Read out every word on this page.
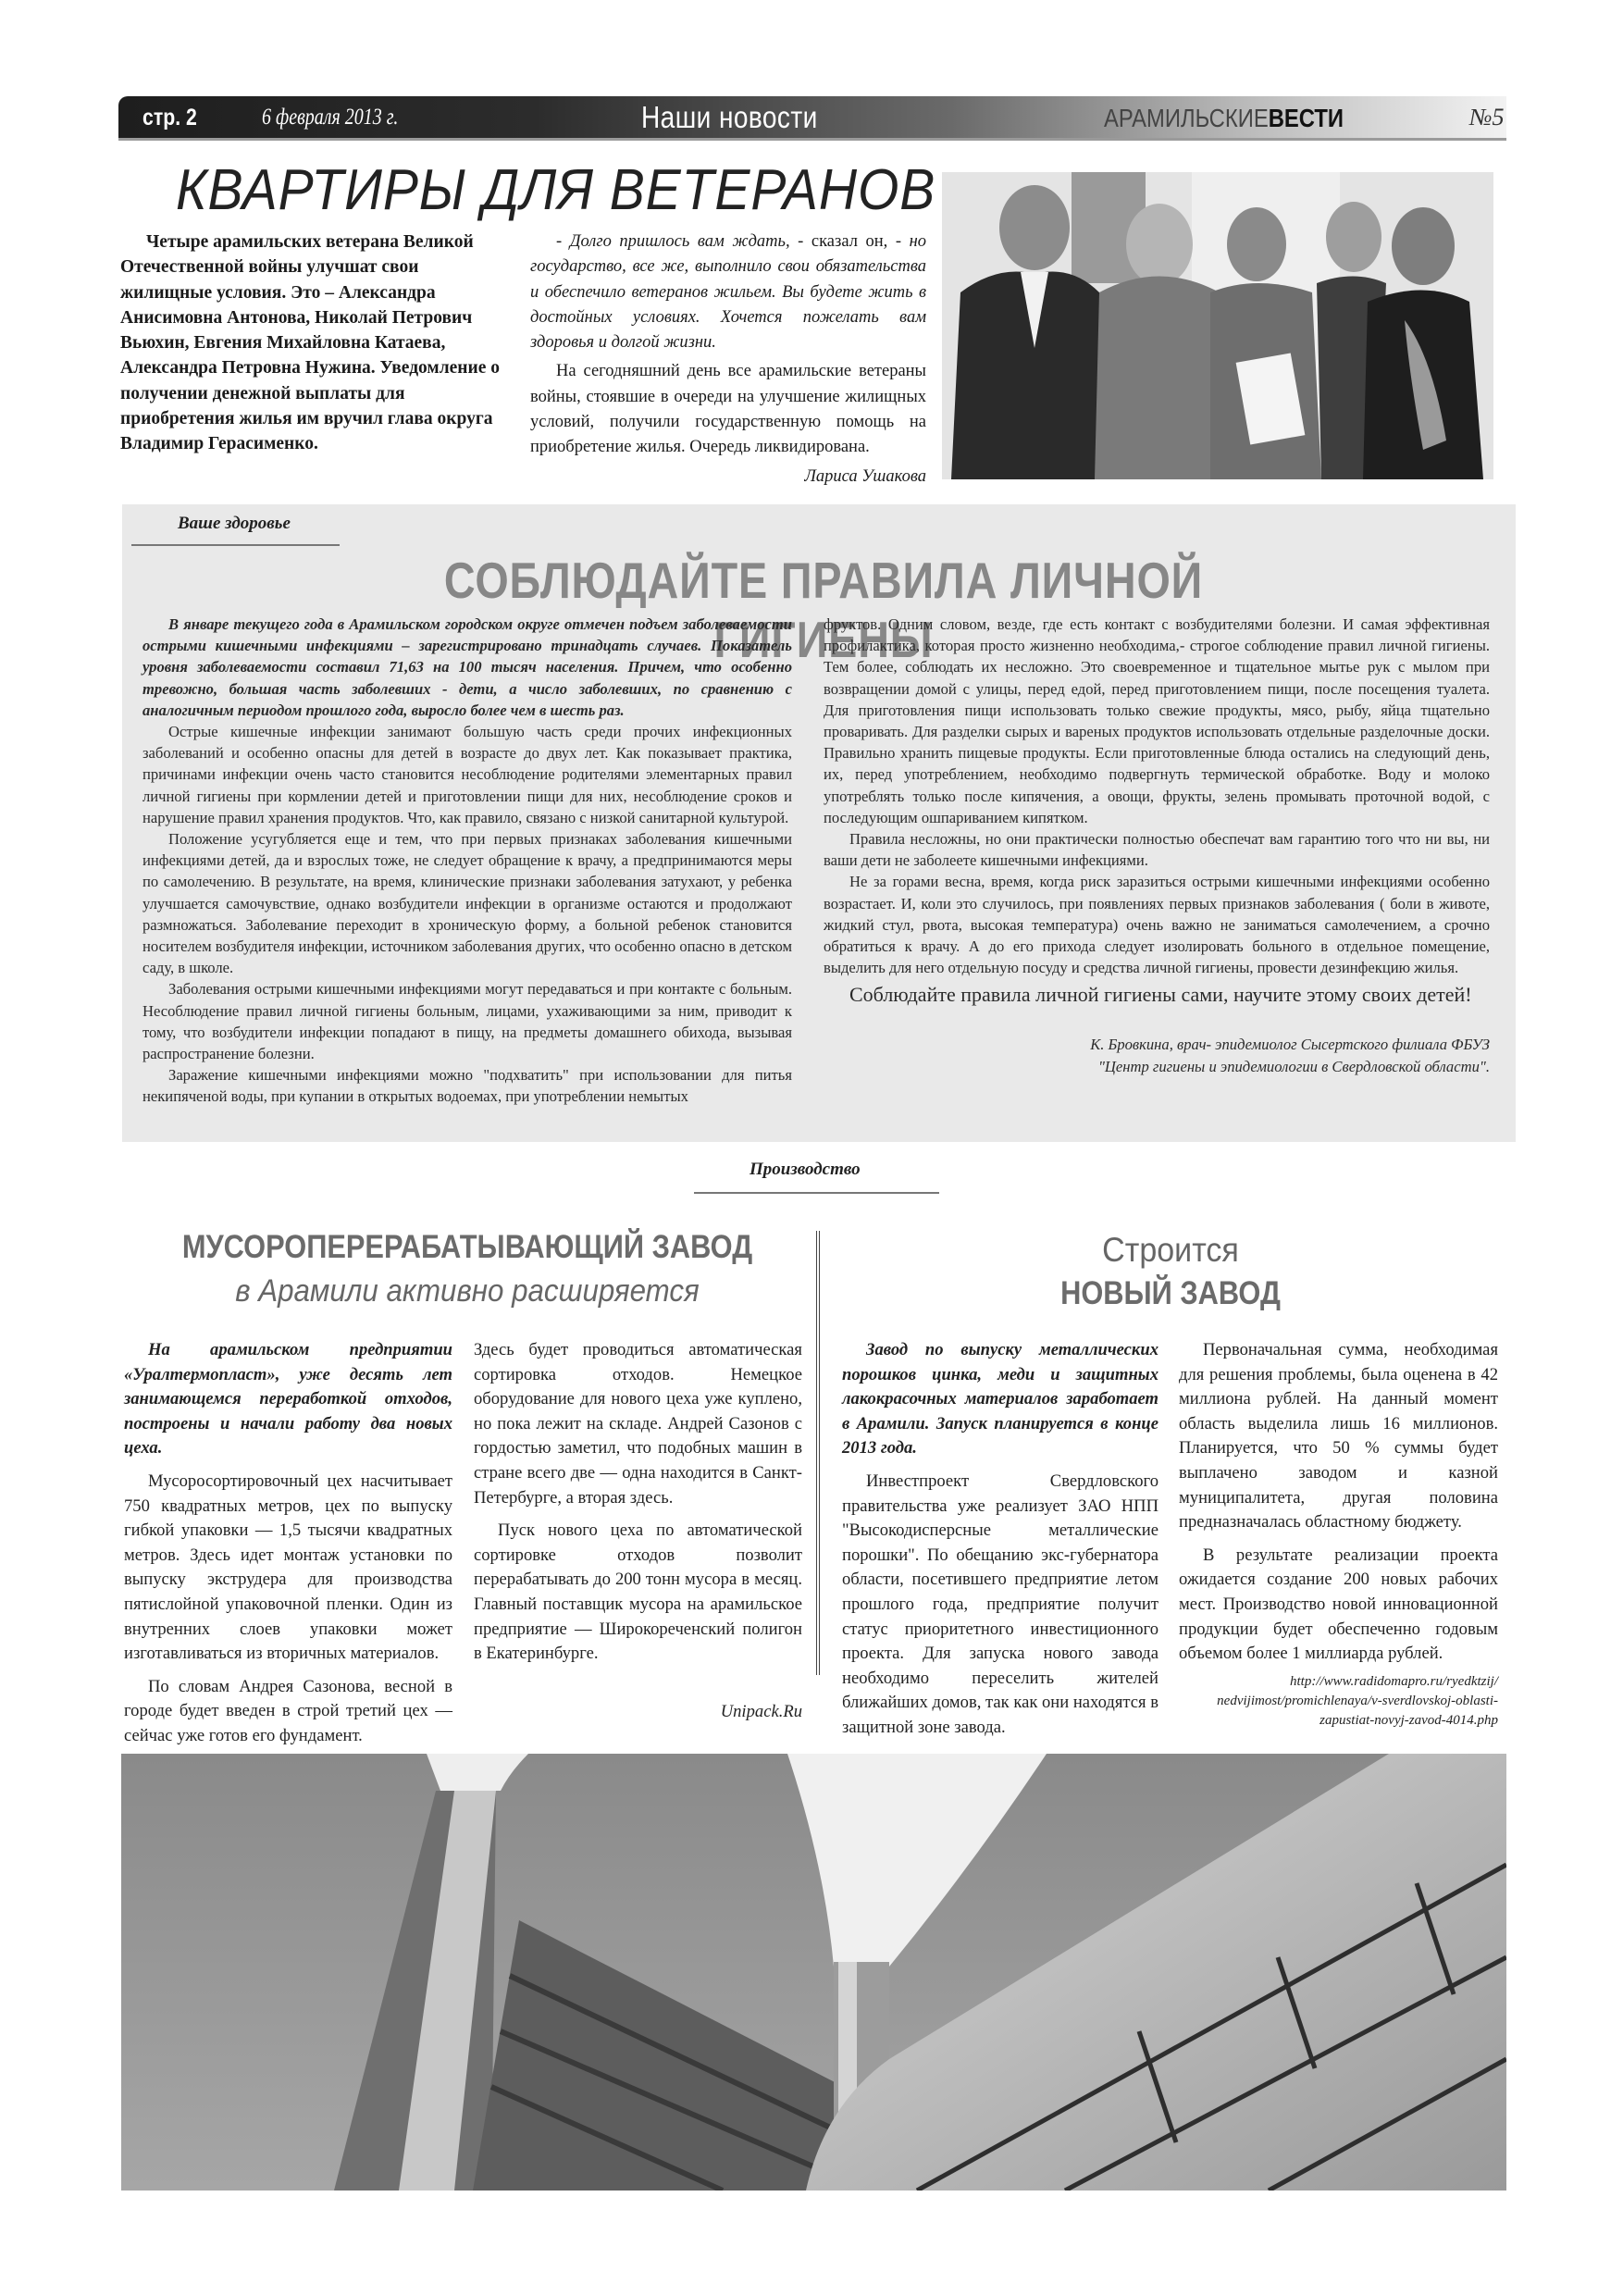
стр. 2	6 февраля 2013 г.	Наши новости	АРАМИЛЬСКИЕВЕСТИ	№5
КВАРТИРЫ ДЛЯ ВЕТЕРАНОВ
Четыре арамильских ветерана Великой Отечественной войны улучшат свои жилищные условия. Это – Александра Анисимовна Антонова, Николай Петрович Вьюхин, Евгения Михайловна Катаева, Александра Петровна Нужина. Уведомление о получении денежной выплаты для приобретения жилья им вручил глава округа Владимир Герасименко.

- Долго пришлось вам ждать, - сказал он, - но государство, все же, выполнило свои обязательства и обеспечило ветеранов жильем. Вы будете жить в достойных условиях. Хочется пожелать вам здоровья и долгой жизни.

На сегодняшний день все арамильские ветераны войны, стоявшие в очереди на улучшение жилищных условий, получили государственную помощь на приобретение жилья. Очередь ликвидирована.

Лариса Ушакова

Ваше здоровье
СОБЛЮДАЙТЕ ПРАВИЛА ЛИЧНОЙ ГИГИЕНЫ

В январе текущего года в Арамильском городском округе отмечен подъем заболеваемости острыми кишечными инфекциями – зарегистрировано тринадцать случаев. Показатель уровня заболеваемости составил 71,63 на 100 тысяч населения. Причем, что особенно тревожно, большая часть заболевших - дети, а число заболевших, по сравнению с аналогичным периодом прошлого года, выросло более чем в шесть раз.

Острые кишечные инфекции занимают большую часть среди прочих инфекционных заболеваний и особенно опасны для детей в возрасте до двух лет. Как показывает практика, причинами инфекции очень часто становится несоблюдение родителями элементарных правил личной гигиены при кормлении детей и приготовлении пищи для них, несоблюдение сроков и нарушение правил хранения продуктов. Что, как правило, связано с низкой санитарной культурой.

Положение усугубляется еще и тем, что при первых признаках заболевания кишечными инфекциями детей, да и взрослых тоже, не следует обращение к врачу, а предпринимаются меры по самолечению. В результате, на время, клинические признаки заболевания затухают, у ребенка улучшается самочувствие, однако возбудители инфекции в организме остаются и продолжают размножаться. Заболевание переходит в хроническую форму, а больной ребенок становится носителем возбудителя инфекции, источником заболевания других, что особенно опасно в детском саду, в школе.

Заболевания острыми кишечными инфекциями могут передаваться и при контакте с больным. Несоблюдение правил личной гигиены больным, лицами, ухаживающими за ним, приводит к тому, что возбудители инфекции попадают в пищу, на предметы домашнего обихода, вызывая распространение болезни.

Заражение кишечными инфекциями можно "подхватить" при использовании для питья некипяченой воды, при купании в открытых водоемах, при употреблении немытых

фруктов. Одним словом, везде, где есть контакт с возбудителями болезни. И самая эффективная профилактика, которая просто жизненно необходима,- строгое соблюдение правил личной гигиены. Тем более, соблюдать их несложно. Это своевременное и тщательное мытье рук с мылом при возвращении домой с улицы, перед едой, перед приготовлением пищи, после посещения туалета. Для приготовления пищи использовать только свежие продукты, мясо, рыбу, яйца тщательно проваривать. Для разделки сырых и вареных продуктов использовать отдельные разделочные доски. Правильно хранить пищевые продукты. Если приготовленные блюда остались на следующий день, их, перед употреблением, необходимо подвергнуть термической обработке. Воду и молоко употреблять только после кипячения, а овощи, фрукты, зелень промывать проточной водой, с последующим ошпариванием кипятком.

Правила несложны, но они практически полностью обеспечат вам гарантию того что ни вы, ни ваши дети не заболеете кишечными инфекциями.

Не за горами весна, время, когда риск заразиться острыми кишечными инфекциями особенно возрастает. И, коли это случилось, при появлениях первых признаков заболевания ( боли в животе, жидкий стул, рвота, высокая температура) очень важно не заниматься самолечением, а срочно обратиться к врачу. А до его прихода следует изолировать больного в отдельное помещение, выделить для него отдельную посуду и средства личной гигиены, провести дезинфекцию жилья.

Соблюдайте правила личной гигиены сами, научите этому своих детей!

К. Бровкина, врач- эпидемиолог Сысертского филиала ФБУЗ
"Центр гигиены и эпидемиологии в Свердловской области".

Производство
МУСОРОПЕРЕРАБАТЫВАЮЩИЙ ЗАВОД
в Арамили активно расширяется

На арамильском предприятии «Уралтермопласт», уже десять лет занимающемся переработкой отходов, построены и начали работу два новых цеха.

Мусоросортировочный цех насчитывает 750 квадратных метров, цех по выпуску гибкой упаковки — 1,5 тысячи квадратных метров. Здесь идет монтаж установки по выпуску экструдера для производства пятислойной упаковочной пленки. Один из внутренних слоев упаковки может изготавливаться из вторичных материалов.

По словам Андрея Сазонова, весной в городе будет введен в строй третий цех — сейчас уже готов его фундамент.

Здесь будет проводиться автоматическая сортировка отходов. Немецкое оборудование для нового цеха уже куплено, но пока лежит на складе. Андрей Сазонов с гордостью заметил, что подобных машин в стране всего две — одна находится в Санкт-Петербурге, а вторая здесь.

Пуск нового цеха по автоматической сортировке отходов позволит перерабатывать до 200 тонн мусора в месяц. Главный поставщик мусора на арамильское предприятие — Широкореченский полигон в Екатеринбурге.

Unipack.Ru

Строится
НОВЫЙ ЗАВОД

Завод по выпуску металлических порошков цинка, меди и защитных лакокрасочных материалов заработает в Арамили. Запуск планируется в конце 2013 года.

Инвестпроект Свердловского правительства уже реализует ЗАО НПП "Высокодисперсные металлические порошки". По обещанию экс-губернатора области, посетившего предприятие летом прошлого года, предприятие получит статус приоритетного инвестиционного проекта. Для запуска нового завода необходимо переселить жителей ближайших домов, так как они находятся в защитной зоне завода.

Первоначальная сумма, необходимая для решения проблемы, была оценена в 42 миллиона рублей. На данный момент область выделила лишь 16 миллионов. Планируется, что 50 % суммы будет выплачено заводом и казной муниципалитета, другая половина предназначалась областному бюджету.

В результате реализации проекта ожидается создание 200 новых рабочих мест. Производство новой инновационной продукции будет обеспеченно годовым объемом более 1 миллиарда рублей.

http://www.radidomapro.ru/ryedktzij/
nedvijimost/promichlenaya/v-sverdlovskoj-oblasti-
zapustiat-novyj-zavod-4014.php
